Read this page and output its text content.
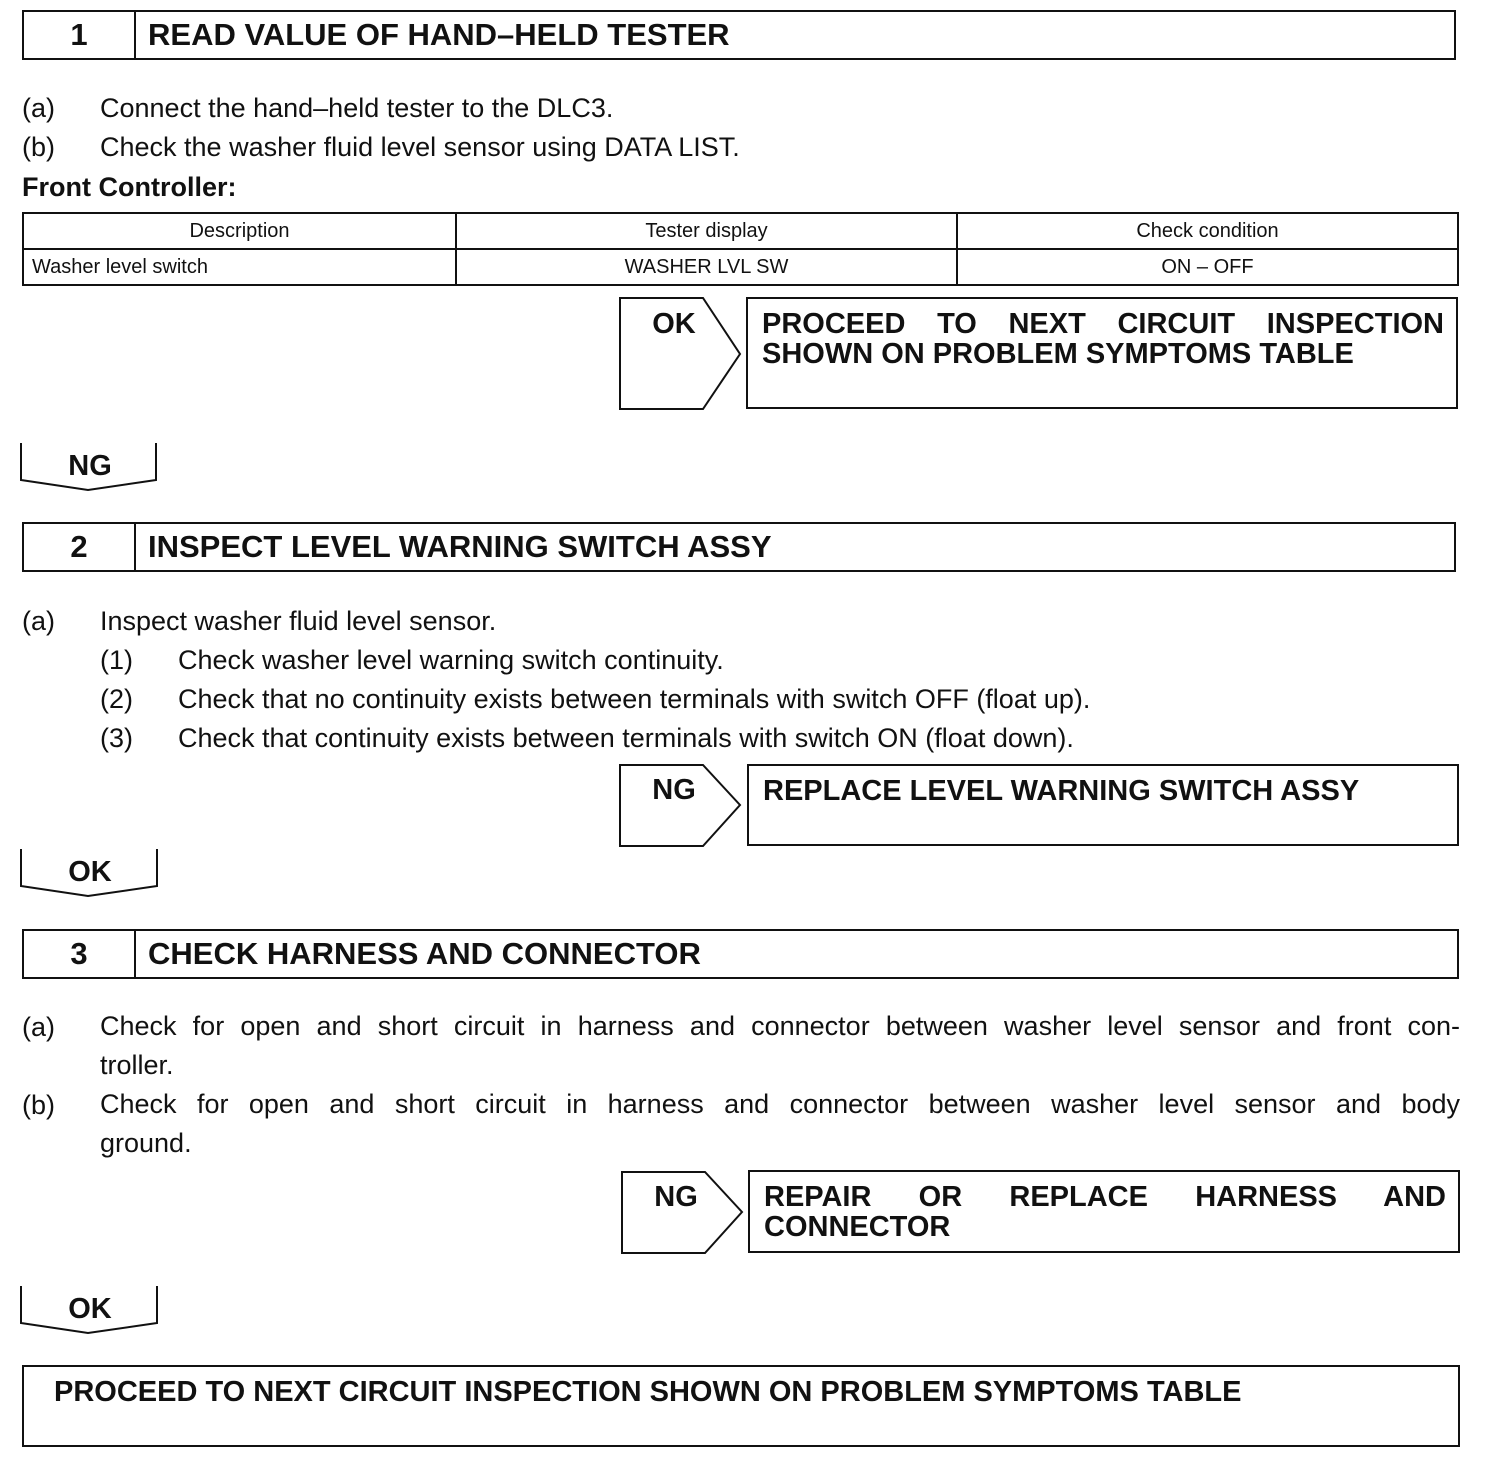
1	READ VALUE OF HAND–HELD TESTER
(a) Connect the hand–held tester to the DLC3.
(b) Check the washer fluid level sensor using DATA LIST.
Front Controller:
Description	Tester display	Check condition
Washer level switch	WASHER LVL SW	ON – OFF
OK	PROCEED TO NEXT CIRCUIT INSPECTION
SHOWN ON PROBLEM SYMPTOMS TABLE
NG
2	INSPECT LEVEL WARNING SWITCH ASSY
(a) Inspect washer fluid level sensor.
(1) Check washer level warning switch continuity.
(2) Check that no continuity exists between terminals with switch OFF (float up).
(3) Check that continuity exists between terminals with switch ON (float down).
NG	REPLACE LEVEL WARNING SWITCH ASSY
OK
3	CHECK HARNESS AND CONNECTOR
(a) Check for open and short circuit in harness and connector between washer level sensor and front con-
troller.
(b) Check for open and short circuit in harness and connector between washer level sensor and body
ground.
NG	REPAIR OR REPLACE HARNESS AND
CONNECTOR
OK
PROCEED TO NEXT CIRCUIT INSPECTION SHOWN ON PROBLEM SYMPTOMS TABLE
